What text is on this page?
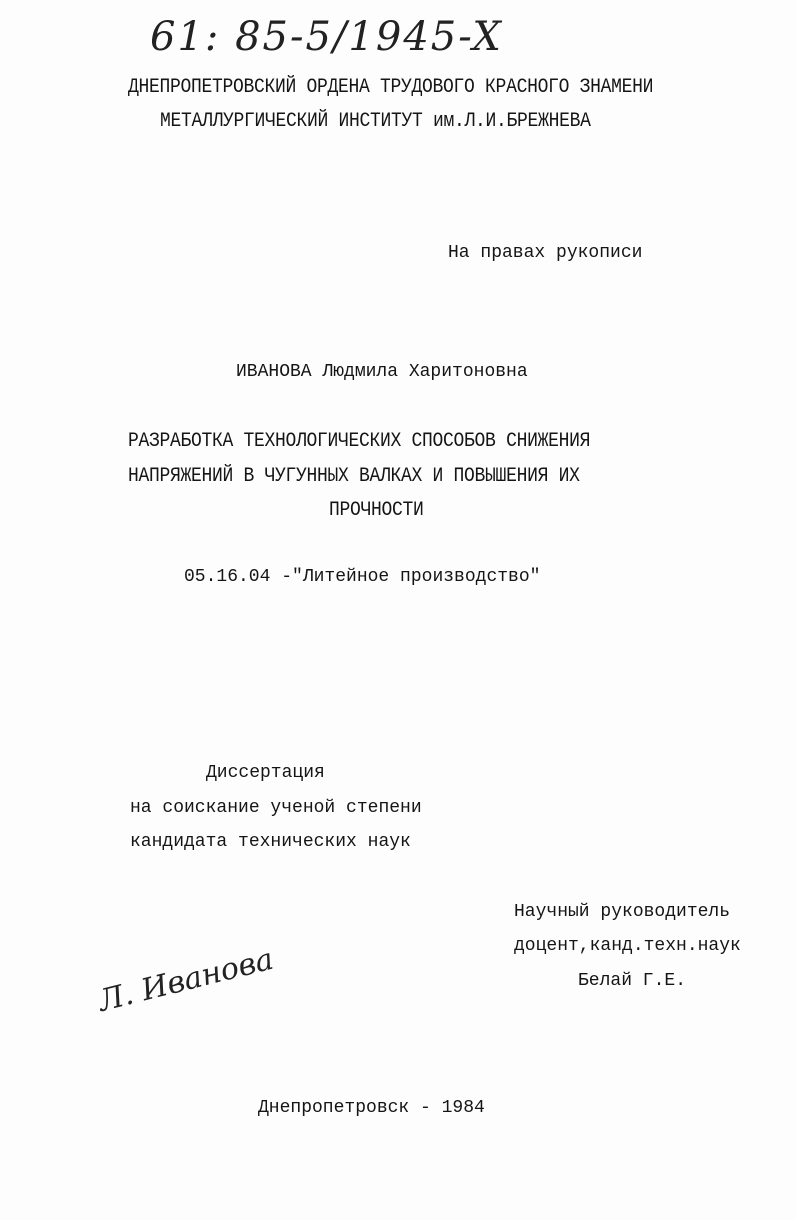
61: 85-5/1945-X
ДНЕПРОПЕТРОВСКИЙ ОРДЕНА ТРУДОВОГО КРАСНОГО ЗНАМЕНИ
МЕТАЛЛУРГИЧЕСКИЙ ИНСТИТУТ им.Л.И.БРЕЖНЕВА
На правах рукописи
ИВАНОВА Людмила Харитоновна
РАЗРАБОТКА ТЕХНОЛОГИЧЕСКИХ СПОСОБОВ СНИЖЕНИЯ
НАПРЯЖЕНИЙ В ЧУГУННЫХ ВАЛКАХ И ПОВЫШЕНИЯ ИХ
ПРОЧНОСТИ
05.16.04 -"Литейное производство"
Диссертация
на соискание ученой степени
кандидата технических наук
Научный руководитель
доцент,канд.техн.наук
Белай Г.Е.
Л. Иванова
Днепропетровск - 1984
